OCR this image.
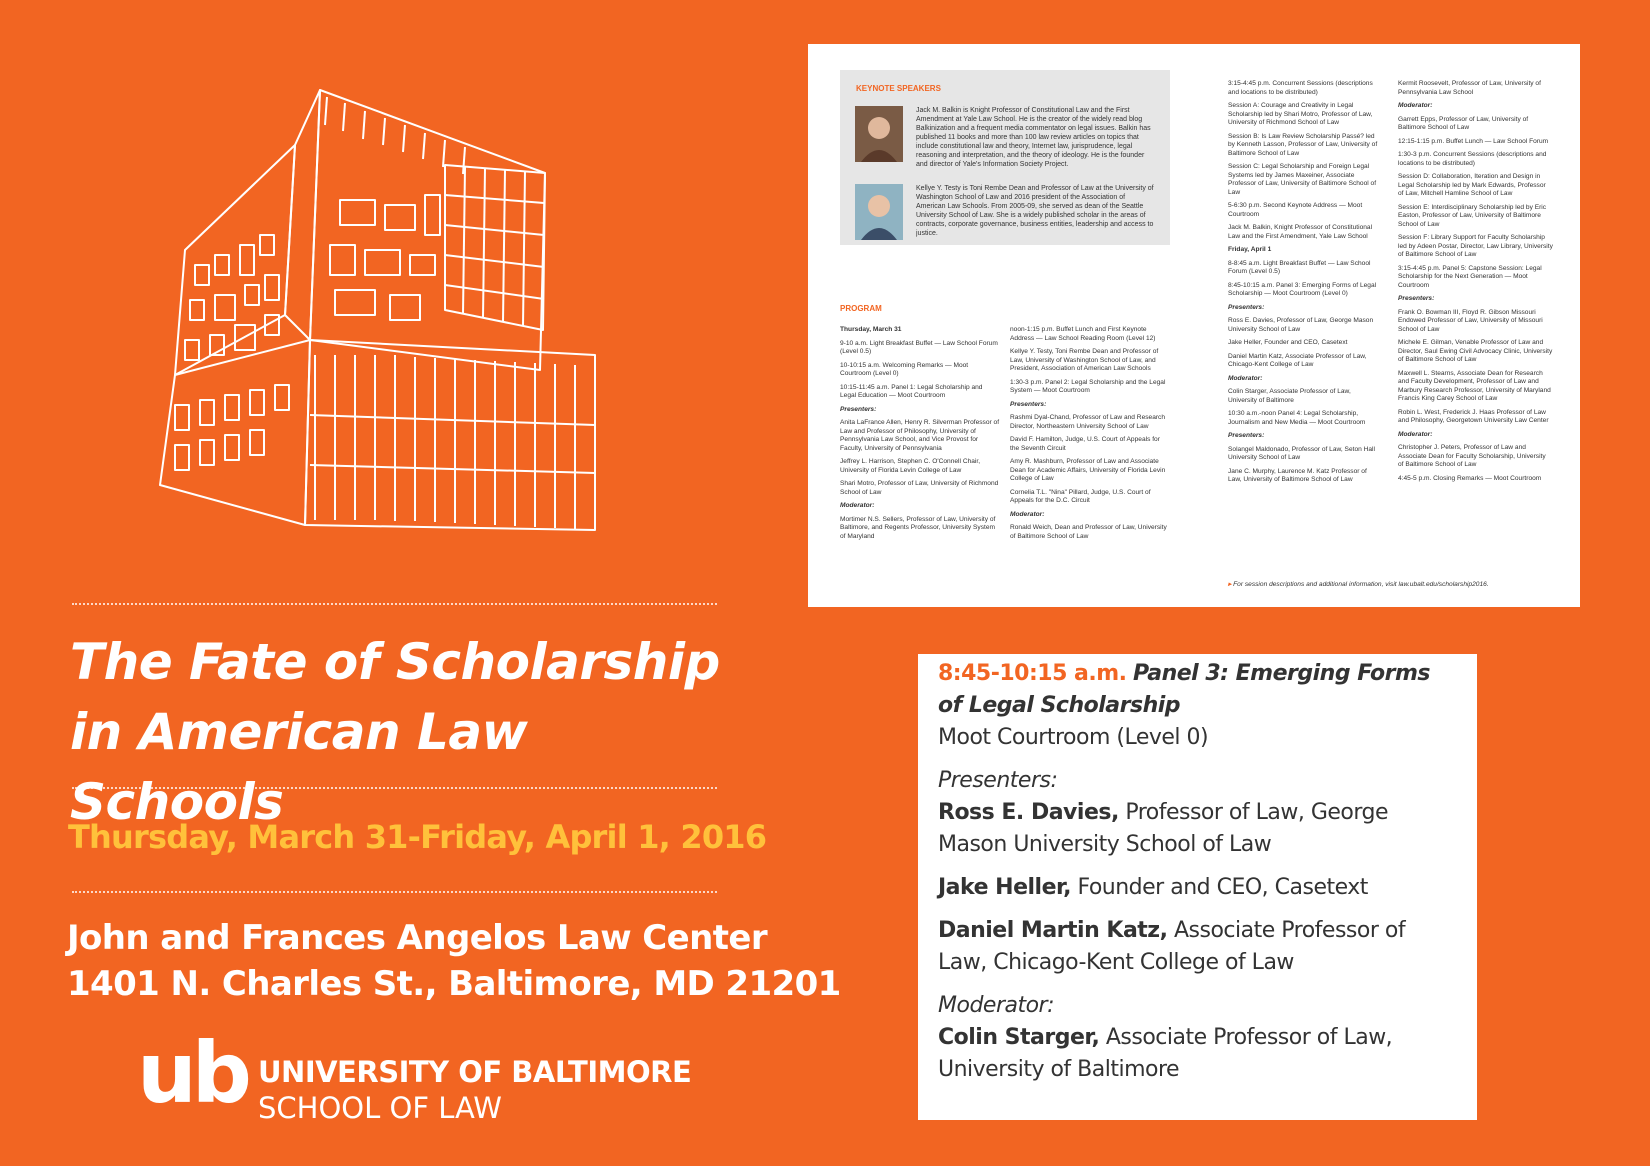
The Fate of Scholarship
in American Law Schools
Thursday, March 31-Friday, April 1, 2016
John and Frances Angelos Law Center
1401 N. Charles St., Baltimore, MD 21201
ub UNIVERSITY OF BALTIMORE
SCHOOL OF LAW
KEYNOTE SPEAKERS
Jack M. Balkin is Knight Professor of Constitutional Law and the First Amendment at Yale Law School. He is the creator of the widely read blog Balkinization and a frequent media commentator on legal issues. Balkin has published 11 books and more than 100 law review articles on topics that include constitutional law and theory, Internet law, jurisprudence, legal reasoning and interpretation, and the theory of ideology. He is the founder and director of Yale's Information Society Project.
Kellye Y. Testy is Toni Rembe Dean and Professor of Law at the University of Washington School of Law and 2016 president of the Association of American Law Schools. From 2005-09, she served as dean of the Seattle University School of Law. She is a widely published scholar in the areas of contracts, corporate governance, business entities, leadership and access to justice.
PROGRAM

Thursday, March 31

9-10 a.m. Light Breakfast Buffet — Law School Forum (Level 0.5)

10-10:15 a.m. Welcoming Remarks — Moot Courtroom (Level 0)

10:15-11:45 a.m. Panel 1: Legal Scholarship and Legal Education — Moot Courtroom

Presenters:

Anita LaFrance Allen, Henry R. Silverman Professor of Law and Professor of Philosophy, University of Pennsylvania Law School, and Vice Provost for Faculty, University of Pennsylvania

Jeffrey L. Harrison, Stephen C. O'Connell Chair, University of Florida Levin College of Law

Shari Motro, Professor of Law, University of Richmond School of Law

Moderator:

Mortimer N.S. Sellers, Professor of Law, University of Baltimore, and Regents Professor, University System of Maryland

noon-1:15 p.m. Buffet Lunch and First Keynote Address — Law School Reading Room (Level 12)

Kellye Y. Testy, Toni Rembe Dean and Professor of Law, University of Washington School of Law, and President, Association of American Law Schools

1:30-3 p.m. Panel 2: Legal Scholarship and the Legal System — Moot Courtroom

Presenters:

Rashmi Dyal-Chand, Professor of Law and Research Director, Northeastern University School of Law

David F. Hamilton, Judge, U.S. Court of Appeals for the Seventh Circuit

Amy R. Mashburn, Professor of Law and Associate Dean for Academic Affairs, University of Florida Levin College of Law

Cornelia T.L. "Nina" Pillard, Judge, U.S. Court of Appeals for the D.C. Circuit

Moderator:

Ronald Weich, Dean and Professor of Law, University of Baltimore School of Law

3:15-4:45 p.m. Concurrent Sessions (descriptions and locations to be distributed)

Session A: Courage and Creativity in Legal Scholarship led by Shari Motro, Professor of Law, University of Richmond School of Law

Session B: Is Law Review Scholarship Passé? led by Kenneth Lasson, Professor of Law, University of Baltimore School of Law

Session C: Legal Scholarship and Foreign Legal Systems led by James Maxeiner, Associate Professor of Law, University of Baltimore School of Law

5-6:30 p.m. Second Keynote Address — Moot Courtroom

Jack M. Balkin, Knight Professor of Constitutional Law and the First Amendment, Yale Law School

Friday, April 1

8-8:45 a.m. Light Breakfast Buffet — Law School Forum (Level 0.5)

8:45-10:15 a.m. Panel 3: Emerging Forms of Legal Scholarship — Moot Courtroom (Level 0)

Presenters:

Ross E. Davies, Professor of Law, George Mason University School of Law

Jake Heller, Founder and CEO, Casetext

Daniel Martin Katz, Associate Professor of Law, Chicago-Kent College of Law

Moderator:

Colin Starger, Associate Professor of Law, University of Baltimore

10:30 a.m.-noon Panel 4: Legal Scholarship, Journalism and New Media — Moot Courtroom

Presenters:

Solangel Maldonado, Professor of Law, Seton Hall University School of Law

Jane C. Murphy, Laurence M. Katz Professor of Law, University of Baltimore School of Law

Kermit Roosevelt, Professor of Law, University of Pennsylvania Law School

Moderator:

Garrett Epps, Professor of Law, University of Baltimore School of Law

12:15-1:15 p.m. Buffet Lunch — Law School Forum

1:30-3 p.m. Concurrent Sessions (descriptions and locations to be distributed)

Session D: Collaboration, Iteration and Design in Legal Scholarship led by Mark Edwards, Professor of Law, Mitchell Hamline School of Law

Session E: Interdisciplinary Scholarship led by Eric Easton, Professor of Law, University of Baltimore School of Law

Session F: Library Support for Faculty Scholarship led by Adeen Postar, Director, Law Library, University of Baltimore School of Law

3:15-4:45 p.m. Panel 5: Capstone Session: Legal Scholarship for the Next Generation — Moot Courtroom

Presenters:

Frank O. Bowman III, Floyd R. Gibson Missouri Endowed Professor of Law, University of Missouri School of Law

Michele E. Gilman, Venable Professor of Law and Director, Saul Ewing Civil Advocacy Clinic, University of Baltimore School of Law

Maxwell L. Stearns, Associate Dean for Research and Faculty Development, Professor of Law and Marbury Research Professor, University of Maryland Francis King Carey School of Law

Robin L. West, Frederick J. Haas Professor of Law and Philosophy, Georgetown University Law Center

Moderator:

Christopher J. Peters, Professor of Law and Associate Dean for Faculty Scholarship, University of Baltimore School of Law

4:45-5 p.m. Closing Remarks — Moot Courtroom

▸ For session descriptions and additional information, visit law.ubalt.edu/scholarship2016.

8:45-10:15 a.m. Panel 3: Emerging Forms of Legal Scholarship

Moot Courtroom (Level 0)

Presenters:

Ross E. Davies, Professor of Law, George Mason University School of Law

Jake Heller, Founder and CEO, Casetext

Daniel Martin Katz, Associate Professor of Law, Chicago-Kent College of Law

Moderator:

Colin Starger, Associate Professor of Law, University of Baltimore
